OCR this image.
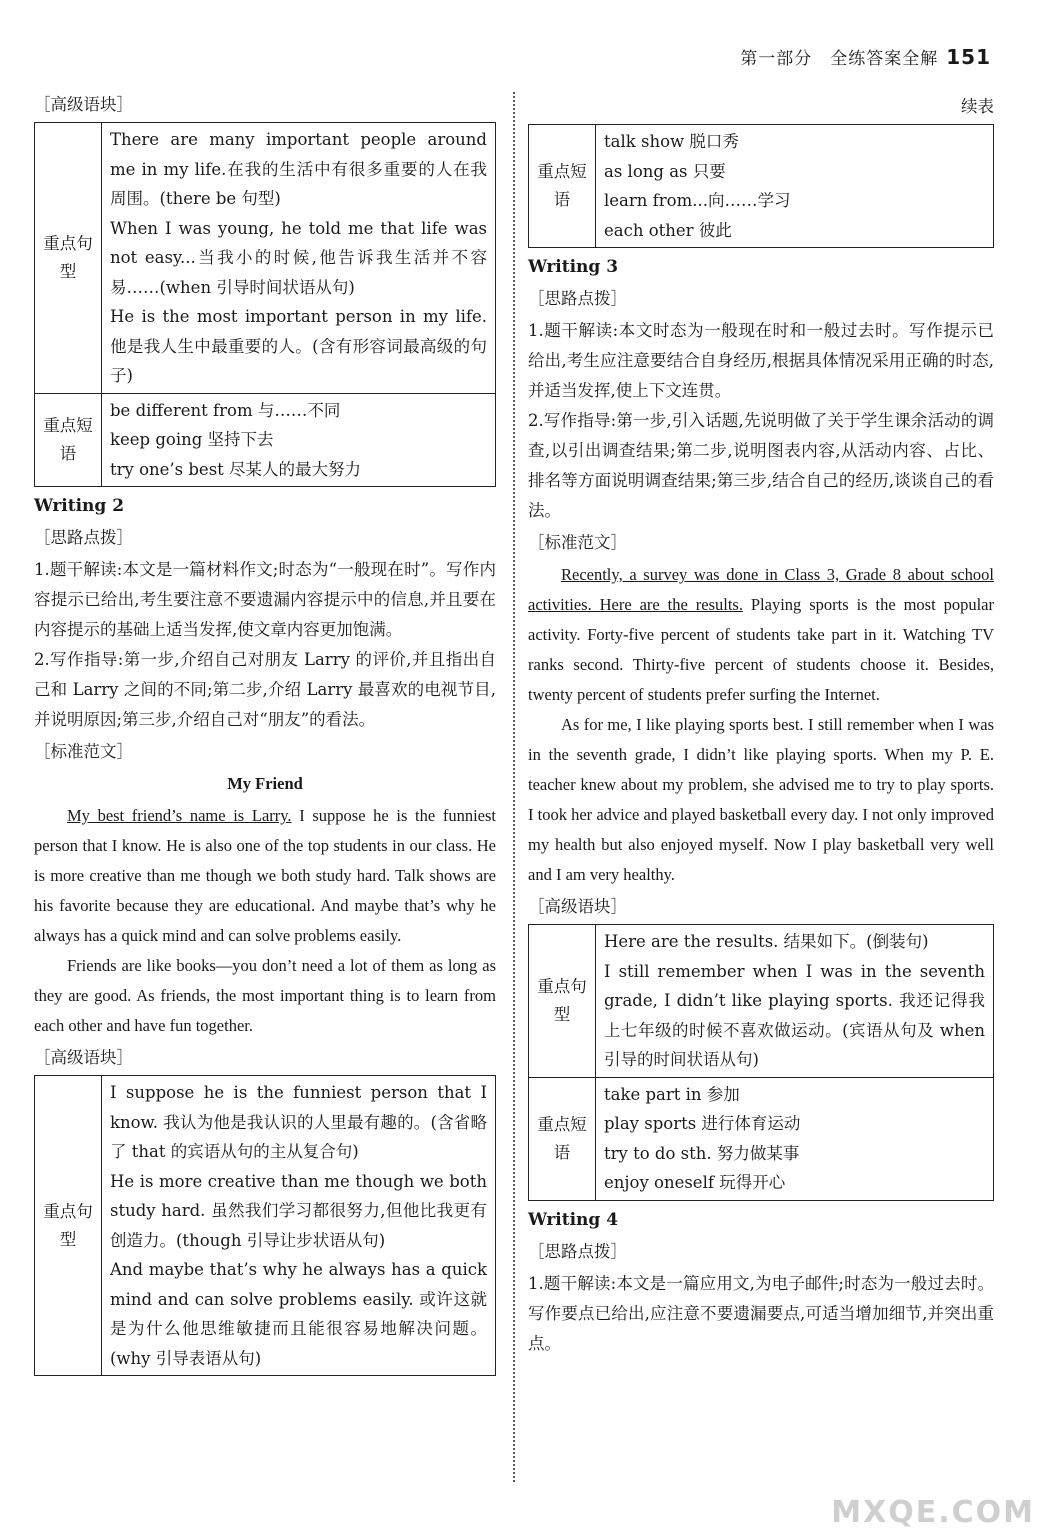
第一部分　全练答案全解 151
［高级语块］
重点句型	There are many important people around me in my life.在我的生活中有很多重要的人在我周围。(there be 句型)
When I was young, he told me that life was not easy...当我小的时候,他告诉我生活并不容易……(when 引导时间状语从句)
He is the most important person in my life. 他是我人生中最重要的人。(含有形容词最高级的句子)

重点短语	be different from 与……不同
keep going 坚持下去
try one’s best 尽某人的最大努力
Writing 2
［思路点拨］

1.题干解读:本文是一篇材料作文;时态为“一般现在时”。写作内容提示已给出,考生要注意不要遗漏内容提示中的信息,并且要在内容提示的基础上适当发挥,使文章内容更加饱满。

2.写作指导:第一步,介绍自己对朋友 Larry 的评价,并且指出自己和 Larry 之间的不同;第二步,介绍 Larry 最喜欢的电视节目,并说明原因;第三步,介绍自己对“朋友”的看法。

［标准范文］
My Friend

My best friend’s name is Larry. I suppose he is the funniest person that I know. He is also one of the top students in our class. He is more creative than me though we both study hard. Talk shows are his favorite because they are educational. And maybe that’s why he always has a quick mind and can solve problems easily.

Friends are like books—you don’t need a lot of them as long as they are good. As friends, the most important thing is to learn from each other and have fun together.

［高级语块］
重点句型	
I suppose he is the funniest person that I know. 我认为他是我认识的人里最有趣的。(含省略了 that 的宾语从句的主从复合句)
He is more creative than me though we both study hard. 虽然我们学习都很努力,但他比我更有创造力。(though 引导让步状语从句)
And maybe that’s why he always has a quick mind and can solve problems easily. 或许这就是为什么他思维敏捷而且能很容易地解决问题。(why 引导表语从句)
续表
重点短语	
talk show 脱口秀
as long as 只要
learn from...向……学习
each other 彼此
Writing 3
［思路点拨］

1.题干解读:本文时态为一般现在时和一般过去时。写作提示已给出,考生应注意要结合自身经历,根据具体情况采用正确的时态,并适当发挥,使上下文连贯。

2.写作指导:第一步,引入话题,先说明做了关于学生课余活动的调查,以引出调查结果;第二步,说明图表内容,从活动内容、占比、排名等方面说明调查结果;第三步,结合自己的经历,谈谈自己的看法。

［标准范文］

Recently, a survey was done in Class 3, Grade 8 about school activities. Here are the results. Playing sports is the most popular activity. Forty-five percent of students take part in it. Watching TV ranks second. Thirty-five percent of students choose it. Besides, twenty percent of students prefer surfing the Internet.

As for me, I like playing sports best. I still remember when I was in the seventh grade, I didn’t like playing sports. When my P. E. teacher knew about my problem, she advised me to try to play sports. I took her advice and played basketball every day. I not only improved my health but also enjoyed myself. Now I play basketball very well and I am very healthy.

［高级语块］
重点句型	Here are the results. 结果如下。(倒装句)
I still remember when I was in the seventh grade, I didn’t like playing sports. 我还记得我上七年级的时候不喜欢做运动。(宾语从句及 when 引导的时间状语从句)

重点短语	take part in 参加
play sports 进行体育运动
try to do sth. 努力做某事
enjoy oneself 玩得开心
Writing 4
［思路点拨］

1.题干解读:本文是一篇应用文,为电子邮件;时态为一般过去时。写作要点已给出,应注意不要遗漏要点,可适当增加细节,并突出重点。

MXQE.COM
